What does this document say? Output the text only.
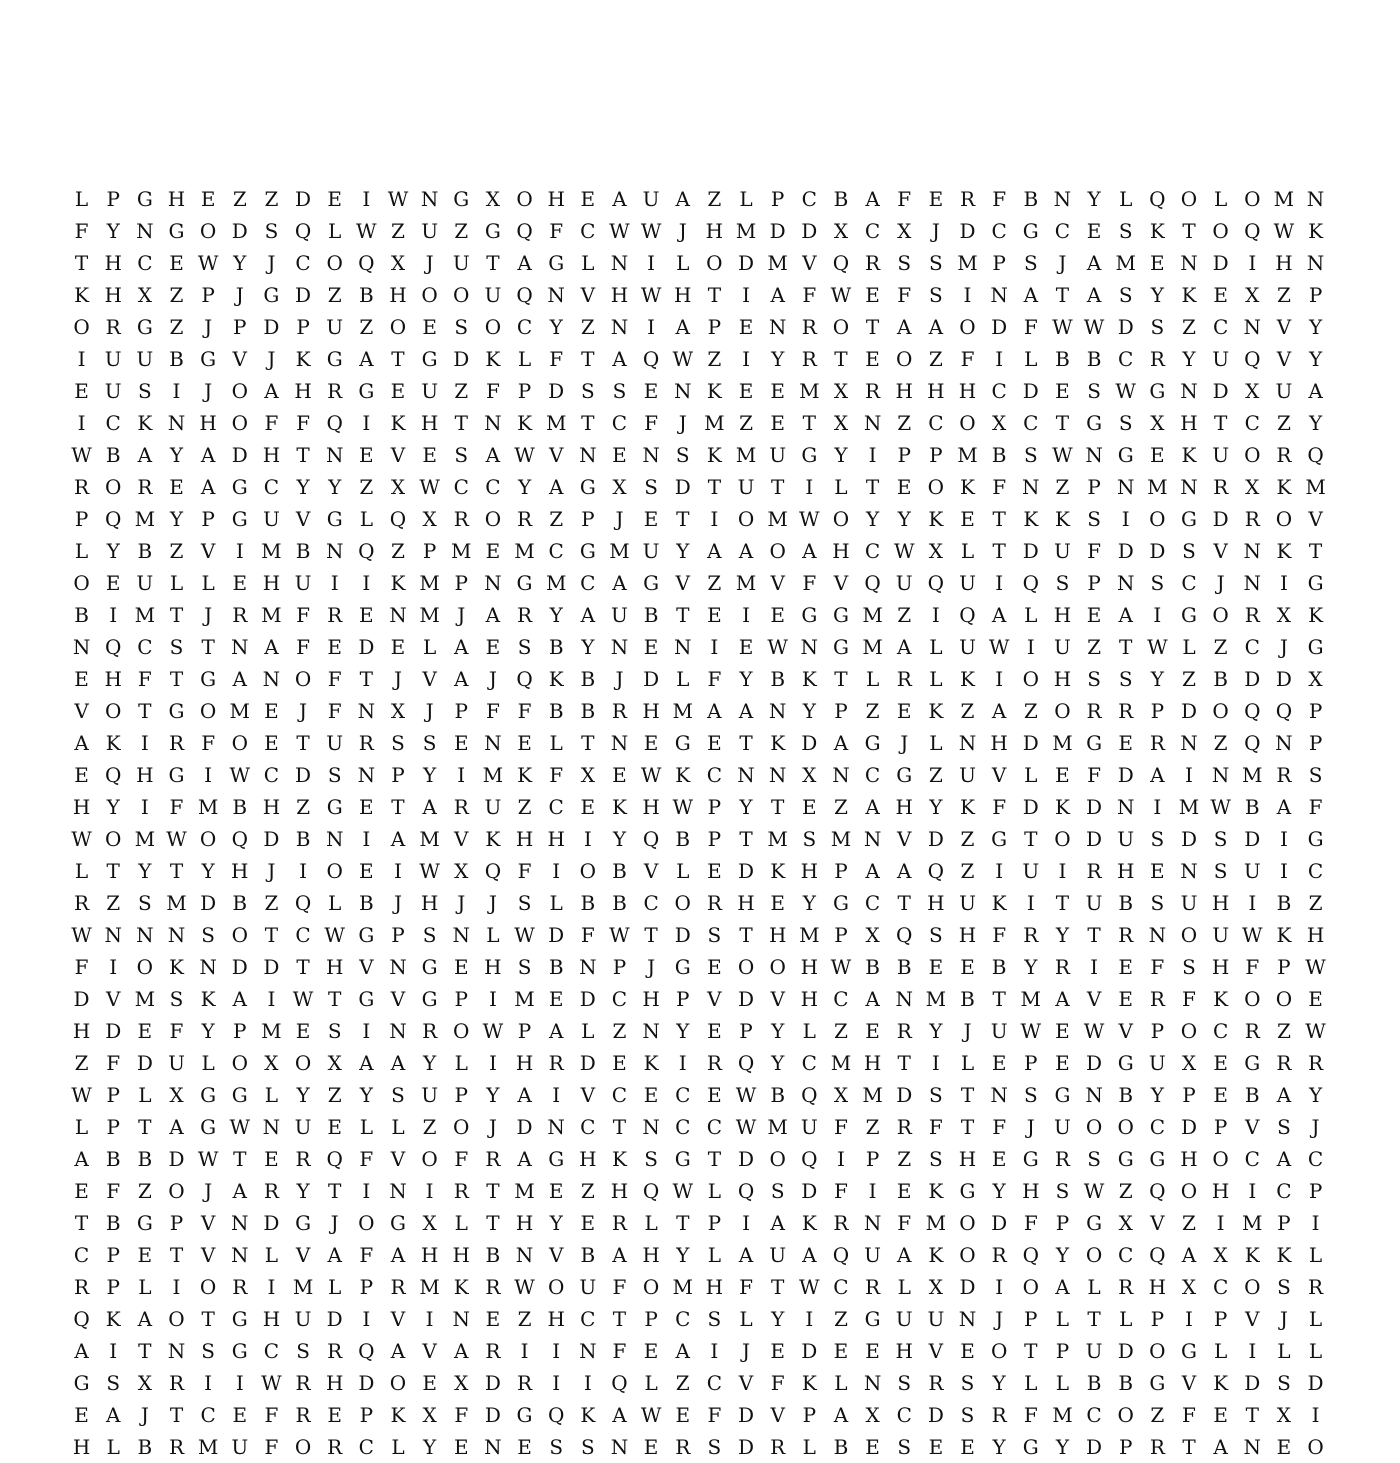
L P G H E Z Z D E I W N G X O H E A U A Z L P C B A F E R F B N Y L Q O L O M N
F Y N G O D S Q L W Z U Z G Q F C W W J H M D D X C X	J D C G C E S K T O Q W K
T H C E W Y	J C O Q X	J U T A G L N I	L O D M V Q R S S M P S	J A M E N D I H N
K H X Z P	J G D Z B H O O U Q N V H W H T	I A F W E F S	I N A T A S Y K E X Z P
O R G Z	J	P D P U Z O E S O C Y Z N I A P E N R O T A A O D F W W D S Z C N V Y
I U U B G V J K G A T G D K L F T A Q W Z	I	Y R T E O Z F	I	L B B C R Y U Q V Y
E U S	I	J O A H R G E U Z F P D S S E N K E E M X R H H H C D E S W G N D X U A
I C K N H O F F Q I K H T N K M T C F	J M Z E T X N Z C O X C T G S X H T C Z Y
W B A Y A D H T N E V E S A W V N E N S K M U G Y	I	P P M B S W N G E K U O R Q
R O R E A G C Y Y Z X W C C Y A G X S D T U T	I	L T E O K F N Z P N M N R X K M
P Q M Y P G U V G L Q X R O R Z P	J E T	I O M W O Y Y K E T K K S	I O G D R O V
L Y B Z V I M B N Q Z P M E M C G M U Y A A O A H C W X L T D U F D D S V N K T
O E U L L E H U I	I K M P N G M C A G V Z M V F V Q U Q U I Q S P N S C J N I G
B I M T	J R M F R E N M J A R Y A U B T E I E G G M Z	I Q A L H E A I G O R X K
N Q C S T N A F E D E L A E S B Y N E N I E W N G M A L U W I U Z T W L Z C J G
E H F T G A N O F T	J V A J Q K B J D L F Y B K T L R L K I O H S S Y Z B D D X
V O T G O M E J	F N X	J	P F F B B R H M A A N Y P Z E K Z A Z O R R P D O Q Q P
A K I R F O E T U R S S E N E L T N E G E T K D A G J	L N H D M G E R N Z Q N P
E Q H G I W C D S N P Y	I M K F X E W K C N N X N C G Z U V L E F D A I N M R S
H Y	I	F M B H Z G E T A R U Z C E K H W P Y T E Z A H Y K F D K D N I M W B A F
W O M W O Q D B N I A M V K H H I	Y Q B P T M S M N V D Z G T O D U S D S D I G
L T Y T Y H J	I O E I W X Q F	I O B V L E D K H P A A Q Z	I U I R H E N S U I C
R Z S M D B Z Q L B J H J	J	S L B B C O R H E Y G C T H U K I	T U B S U H I B Z
W N N N S O T C W G P S N L W D F W T D S T H M P X Q S H F R Y T R N O U W K H
F	I O K N D D T H V N G E H S B N P	J G E O O H W B B E E B Y R I E F S H F P W
D V M S K A I W T G V G P	I M E D C H P V D V H C A N M B T M A V E R F K O O E
H D E F Y P M E S	I N R O W P A L Z N Y E P Y L Z E R Y	J U W E W V P O C R Z W
Z F D U L O X O X A A Y L	I H R D E K I R Q Y C M H T	I	L E P E D G U X E G R R
W P L X G G L Y Z Y S U P Y A I V C E C E W B Q X M D S T N S G N B Y P E B A Y
L P T A G W N U E L L Z O J D N C T N C C W M U F Z R F T F	J U O O C D P V S	J
A B B D W T E R Q F V O F R A G H K S G T D O Q I	P Z S H E G R S G G H O C A C
E F Z O J A R Y T	I N I R T M E Z H Q W L Q S D F	I E K G Y H S W Z Q O H I C P
T B G P V N D G J O G X L T H Y E R L T P	I A K R N F M O D F P G X V Z	I M P	I
C P E T V N L V A F A H H B N V B A H Y L A U A Q U A K O R Q Y O C Q A X K K L
R P L	I O R I M L P R M K R W O U F O M H F T W C R L X D I O A L R H X C O S R
Q K A O T G H U D I V I N E Z H C T P C S L Y	I	Z G U U N J	P L T L P	I	P V J	L
A I	T N S G C S R Q A V A R I	I N F E A I	J E D E E H V E O T P U D O G L	I	L L
G S X R I	I W R H D O E X D R I	I Q L Z C V F K L N S R S Y L L B B G V K D S D
E A J	T C E F R E P K X F D G Q K A W E F D V P A X C D S R F M C O Z F E T X	I
H L B R M U F O R C L Y E N E S S N E R S D R L B E S E E Y G Y D P R T A N E O
